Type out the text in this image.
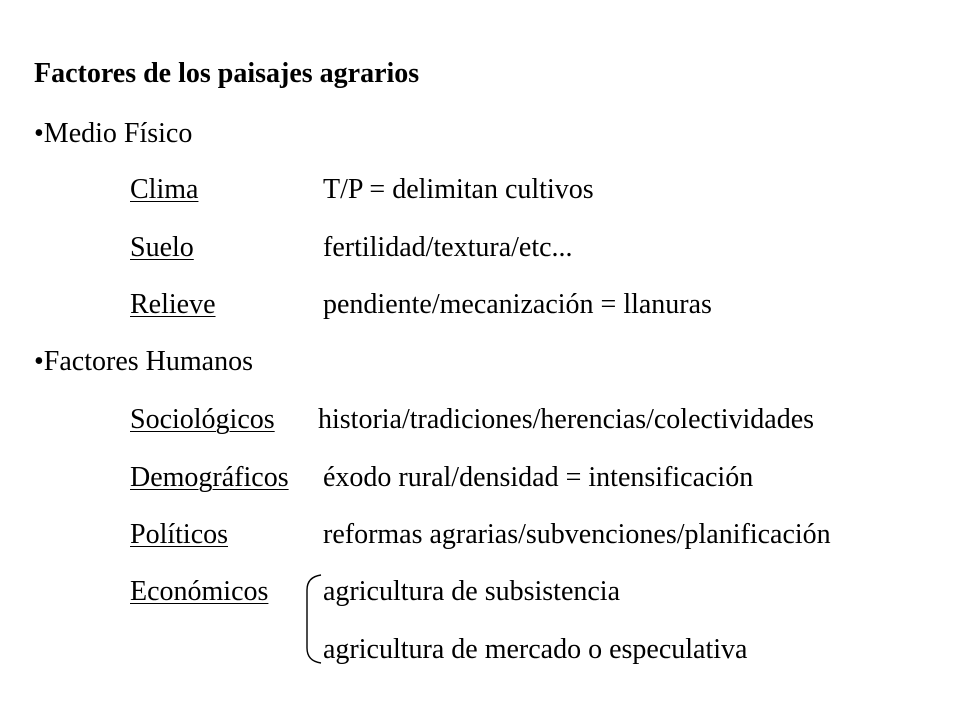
Factores de los paisajes agrarios
•Medio Físico
Clima	T/P = delimitan cultivos
Suelo	fertilidad/textura/etc...
Relieve	pendiente/mecanización = llanuras
•Factores Humanos
Sociológicos historia/tradiciones/herencias/colectividades
Demográficos éxodo rural/densidad = intensificación
Políticos	reformas agrarias/subvenciones/planificación
Económicos agricultura de subsistencia
agricultura de mercado o especulativa
